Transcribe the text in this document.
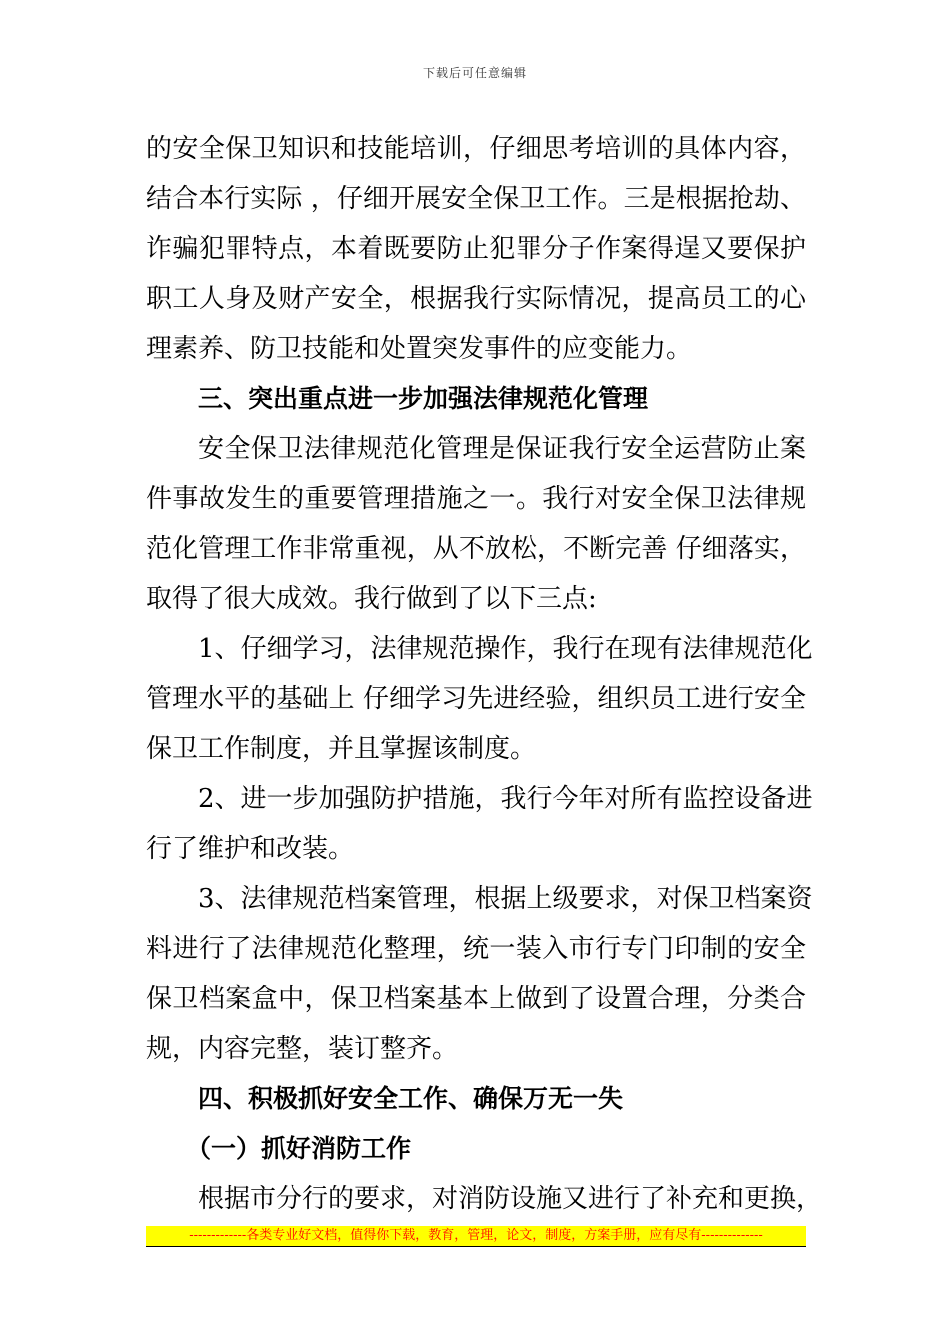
下载后可任意编辑
的安全保卫知识和技能培训，仔细思考培训的具体内容，
结合本行实际 ，仔细开展安全保卫工作。三是根据抢劫、
诈骗犯罪特点，本着既要防止犯罪分子作案得逞又要保护
职工人身及财产安全，根据我行实际情况，提高员工的心
理素养、防卫技能和处置突发事件的应变能力。
三、突出重点进一步加强法律规范化管理
安全保卫法律规范化管理是保证我行安全运营防止案
件事故发生的重要管理措施之一。我行对安全保卫法律规
范化管理工作非常重视，从不放松，不断完善 仔细落实，
取得了很大成效。我行做到了以下三点:
1、仔细学习，法律规范操作，我行在现有法律规范化
管理水平的基础上 仔细学习先进经验，组织员工进行安全
保卫工作制度，并且掌握该制度。
2、进一步加强防护措施，我行今年对所有监控设备进
行了维护和改装。
3、法律规范档案管理，根据上级要求，对保卫档案资
料进行了法律规范化整理，统一装入市行专门印制的安全
保卫档案盒中，保卫档案基本上做到了设置合理，分类合
规，内容完整，装订整齐。
四、积极抓好安全工作、确保万无一失
（一）抓好消防工作
根据市分行的要求，对消防设施又进行了补充和更换，
-------------各类专业好文档，值得你下载，教育，管理，论文，制度，方案手册，应有尽有--------------
